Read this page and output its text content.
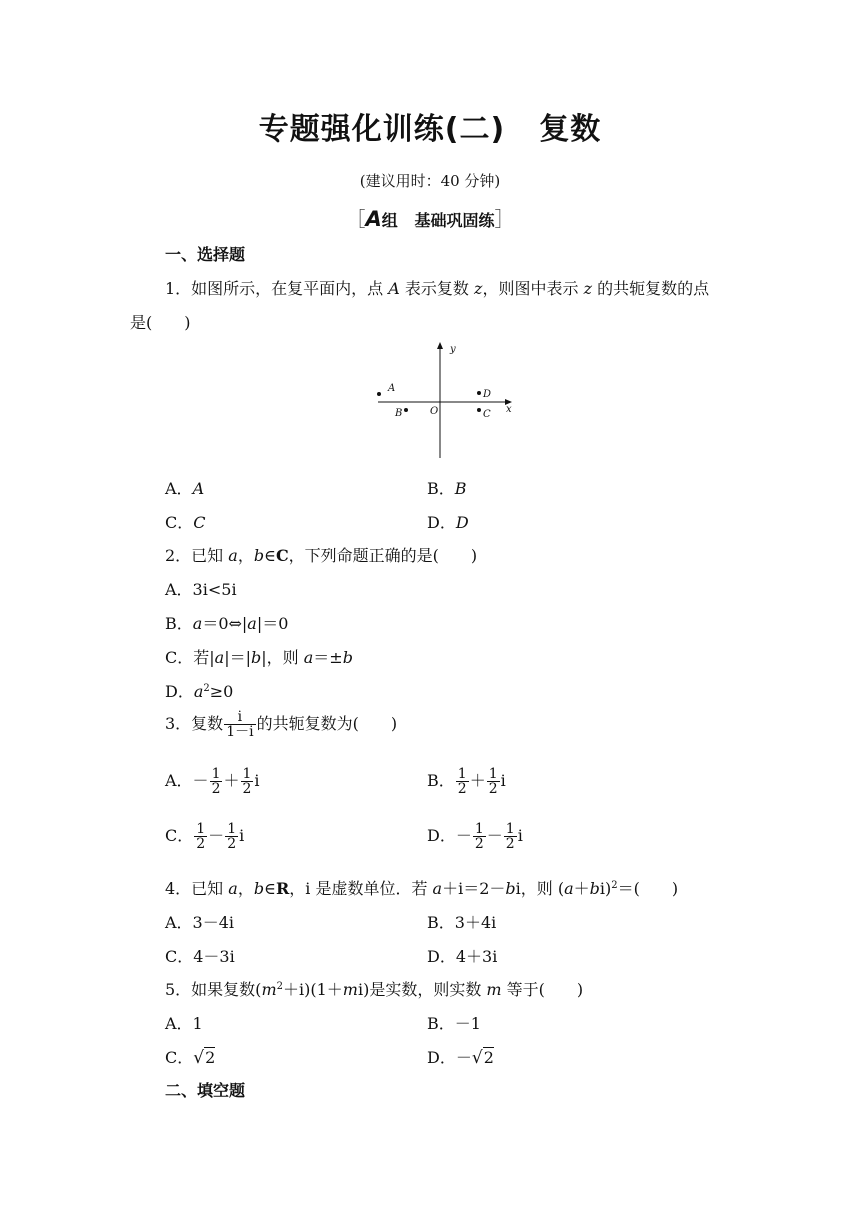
专题强化训练(二) 复数
(建议用时：40 分钟)
［A组 基础巩固练］
一、选择题
1．如图所示，在复平面内，点 A 表示复数 z，则图中表示 z 的共轭复数的点
是(　　)
y
x
O
A
B
D
C
A．A	B．B
C．C	D．D
2．已知 a，b∈C，下列命题正确的是(　　)
A．3i<5i
B．a＝0⇔|a|＝0
C．若|a|＝|b|，则 a＝±b
D．$a^2\ge 0$
3．复数 $\frac{i}{1-i}$ 的共轭复数为(　　)
A．－ $\frac{1}{2} + \frac{1}{2}$ i	B． $\frac{1}{2} + \frac{1}{2}$ i
C． $\frac{1}{2} - \frac{1}{2}$ i	D．－ $\frac{1}{2} - \frac{1}{2}$ i
4．已知 a，b∈R，i 是虚数单位．若 a＋i＝2－bi，则 $(a+bi)^2=$(　　)
A．3－4i	B．3＋4i
C．4－3i	D．4＋3i
5．如果复数$(m^2+i)(1+mi)$是实数，则实数 m 等于(　　)
A．1	B．－1
C．√2	D．－√2
二、填空题
